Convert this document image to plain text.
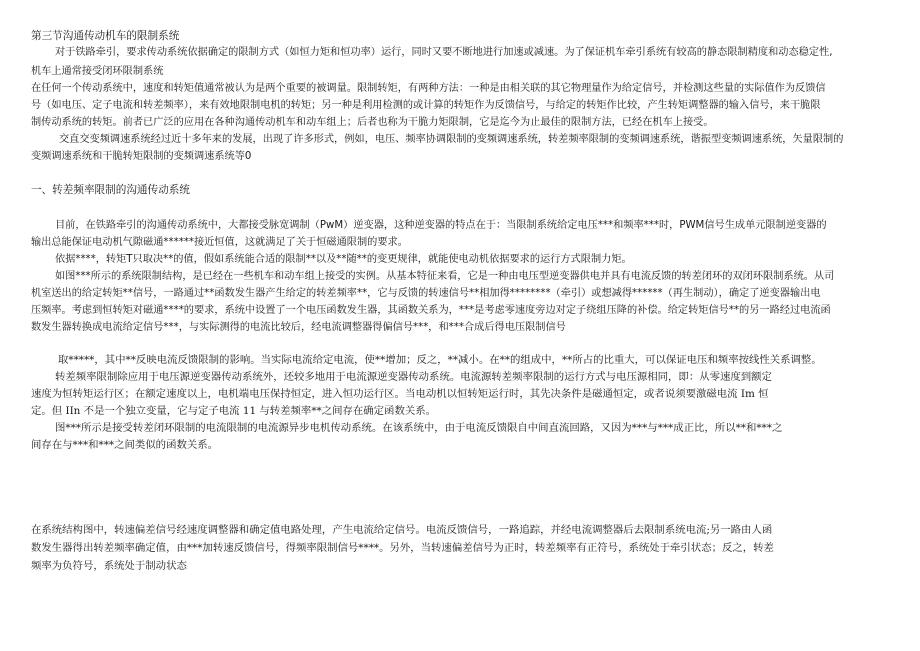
第三节沟通传动机车的限制系统
对于铁路牵引，要求传动系统依据确定的限制方式（如恒力矩和恒功率）运行，同时又要不断地进行加速或减速。为了保证机车牵引系统有较高的静态限制精度和动态稳定性,
机车上通常接受闭环限制系统
在任何一个传动系统中，速度和转矩值通常被认为是两个重要的被调量。限制转矩，有两种方法：一种是由相关联的其它物理量作为给定信号，并检测这些量的实际值作为反馈信
号（如电压、定子电流和转差频率），来有效地限制电机的转矩；另一种是利用检测的或计算的转矩作为反馈信号，与给定的转矩作比较，产生转矩调整器的输入信号，来干脆限
制传动系统的转矩。前者已广泛的应用在各种沟通传动机车和动车组上；后者也称为干脆力矩限制，它是迄今为止最佳的限制方法，已经在机车上接受。
交直交变频调速系统经过近十多年来的发展，出现了许多形式，例如，电压、频率协调限制的变频调速系统，转差频率限制的变频调速系统，谐振型变频调速系统，矢量限制的
变频调速系统和干脆转矩限制的变频调速系统等0
一、转差频率限制的沟通传动系统
目前，在铁路牵引的沟通传动系统中，大都接受脉宽调制（PwM）逆变器，这种逆变器的特点在于：当限制系统给定电压***和频率***时，PWM信号生成单元限制逆变器的
输出总能保证电动机气隙磁通******接近恒值，这就满足了关于恒磁通限制的要求。
依据****，转矩T只取决**的值，假如系统能合适的限制**以及**随**的变更规律，就能使电动机依据要求的运行方式限制力矩。
如图***所示的系统限制结构，是已经在一些机车和动车组上接受的实例。从基本特征来看，它是一种由电压型逆变器供电并具有电流反馈的转差闭环的双闭环限制系统。从司
机室送出的给定转矩**信号，一路通过**函数发生器产生给定的转差频率**，它与反馈的转速信号**相加得********（牵引）或想减得******（再生制动），确定了逆变器输出电
压频率。考虑到恒转矩对磁通****的要求，系统中设置了一个电压函数发生器，其函数关系为，***是考虑零速度旁边对定子绕组压降的补偿。给定转矩信号**的另一路经过电流函
数发生器转换成电流给定信号***，与实际测得的电流比较后，经电流调整器得偏信号***，和***合成后得电压限制信号
取*****，其中**反映电流反馈限制的影响。当实际电流给定电流，使**增加；反之，**减小。在**的组成中，**所占的比重大，可以保证电压和频率按线性关系调整。
转差频率限制除应用于电压源逆变器传动系统外，还较多地用于电流源逆变器传动系统。电流源转差频率限制的运行方式与电压源相同，即：从零速度到额定
速度为恒转矩运行区；在额定速度以上，电机端电压保持恒定，进入恒功运行区。当电动机以恒转矩运行时，其先决条件是磁通恒定，或者说须要激磁电流 Im 恒
定。但 IIn 不是一个独立变量，它与定子电流 11 与转差频率**之间存在确定函数关系。
图***所示是接受转差闭环限制的电流限制的电流源异步电机传动系统。在该系统中，由于电流反馈限自中间直流回路，又因为***与***成正比，所以**和***之
间存在与***和***之间类似的函数关系。
在系统结构图中，转速偏差信号经速度调整器和确定值电路处理，产生电流给定信号。电流反馈信号，一路追踪，并经电流调整器后去限制系统电流;另一路由人函
数发生器得出转差频率确定值，由***加转速反馈信号，得频率限制信号****。另外，当转速偏差信号为正时，转差频率有正符号，系统处于牵引状态；反之，转差
频率为负符号，系统处于制动状态
